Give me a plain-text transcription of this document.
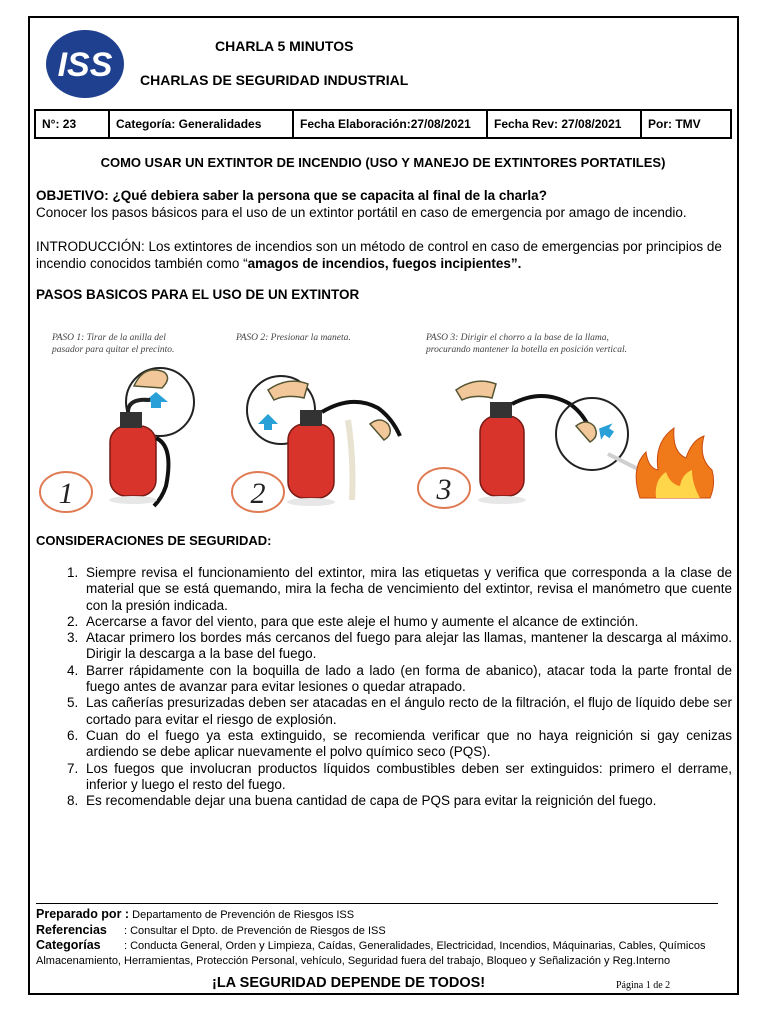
ISS	CHARLA 5 MINUTOS
CHARLAS DE SEGURIDAD INDUSTRIAL
N°: 23	Categoría: Generalidades	Fecha Elaboración:27/08/2021	Fecha Rev: 27/08/2021	Por: TMV
COMO USAR UN EXTINTOR DE INCENDIO (USO Y MANEJO DE EXTINTORES PORTATILES)
OBJETIVO: ¿Qué debiera saber la persona que se capacita al final de la charla?
Conocer los pasos básicos para el uso de un extintor portátil en caso de emergencia por amago de incendio.
INTRODUCCIÓN: Los extintores de incendios son un método de control en caso de emergencias por principios de incendio conocidos también como “amagos de incendios, fuegos incipientes”.
PASOS BASICOS PARA EL USO DE UN EXTINTOR
PASO 1: Tirar de la anilla del
pasador para quitar el precinto.
1
PASO 2: Presionar la maneta.
2
PASO 3: Dirigir el chorro a la base de la llama,
procurando mantener la botella en posición vertical.
3
CONSIDERACIONES DE SEGURIDAD:
1. Siempre revisa el funcionamiento del extintor, mira las etiquetas y verifica que corresponda a la clase de material que se está quemando, mira la fecha de vencimiento del extintor, revisa el manómetro que cuente con la presión indicada.
2. Acercarse a favor del viento, para que este aleje el humo y aumente el alcance de extinción.
3. Atacar primero los bordes más cercanos del fuego para alejar las llamas, mantener la descarga al máximo. Dirigir la descarga a la base del fuego.
4. Barrer rápidamente con la boquilla de lado a lado (en forma de abanico), atacar toda la parte frontal de fuego antes de avanzar para evitar lesiones o quedar atrapado.
5. Las cañerías presurizadas deben ser atacadas en el ángulo recto de la filtración, el flujo de líquido debe ser cortado para evitar el riesgo de explosión.
6. Cuan do el fuego ya esta extinguido, se recomienda verificar que no haya reignición si gay cenizas ardiendo se debe aplicar nuevamente el polvo químico seco (PQS).
7. Los fuegos que involucran productos líquidos combustibles deben ser extinguidos: primero el derrame, inferior y luego el resto del fuego.
8. Es recomendable dejar una buena cantidad de capa de PQS para evitar la reignición del fuego.
Preparado por : Departamento de Prevención de Riesgos ISS
Referencias : Consultar el Dpto. de Prevención de Riesgos de ISS
Categorías : Conducta General, Orden y Limpieza, Caídas, Generalidades, Electricidad, Incendios, Máquinarias, Cables, Químicos Almacenamiento, Herramientas, Protección Personal, vehículo, Seguridad fuera del trabajo, Bloqueo y Señalización y Reg.Interno
¡LA SEGURIDAD DEPENDE DE TODOS!	Página 1 de 2
